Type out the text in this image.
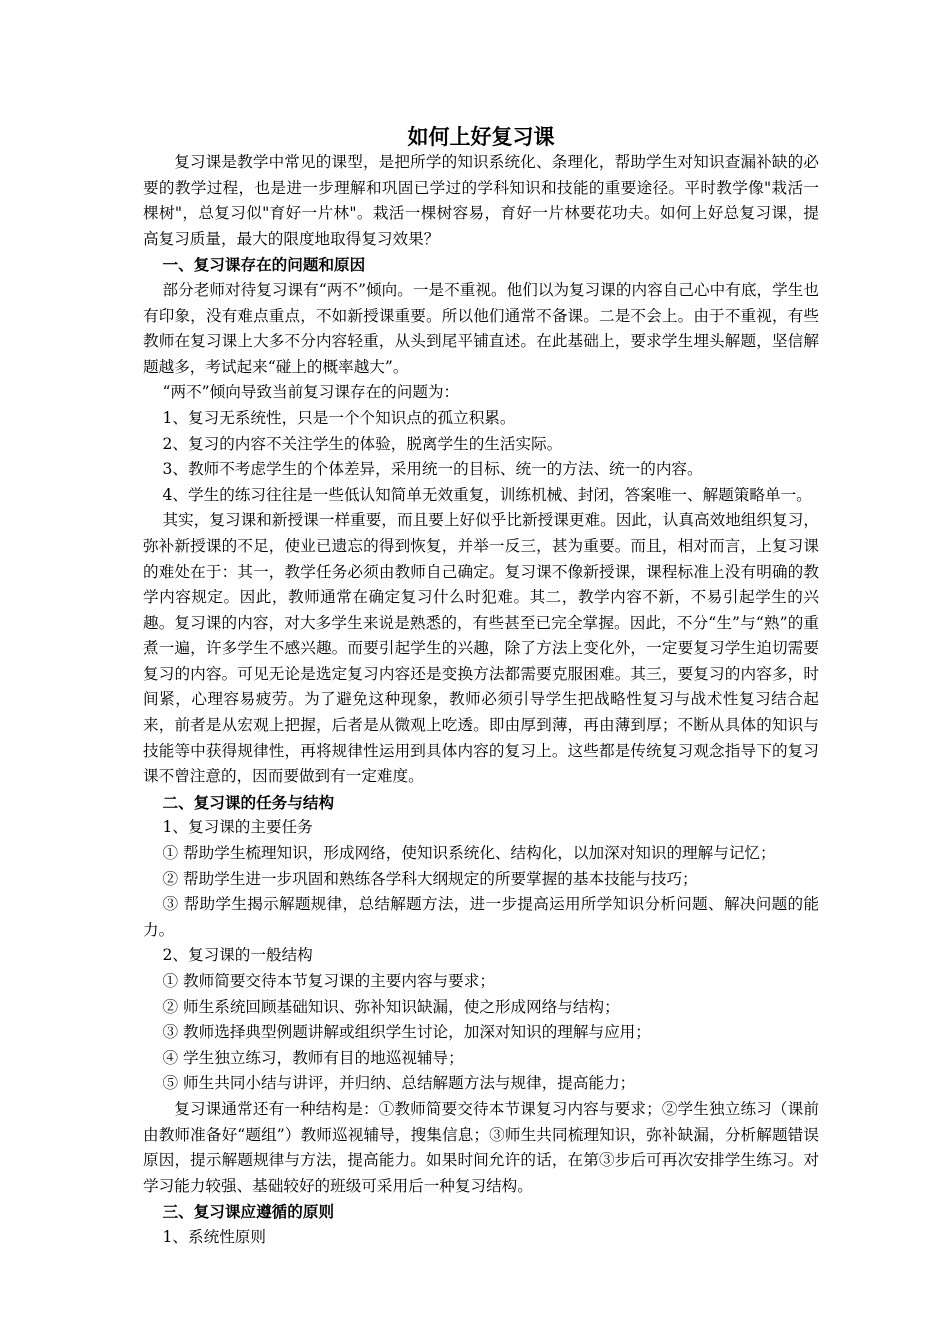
如何上好复习课

复习课是教学中常见的课型，是把所学的知识系统化、条理化，帮助学生对知识查漏补缺的必要的教学过程，也是进一步理解和巩固已学过的学科知识和技能的重要途径。平时教学像"栽活一棵树"，总复习似"育好一片林"。栽活一棵树容易，育好一片林要花功夫。如何上好总复习课，提高复习质量，最大的限度地取得复习效果？

一、复习课存在的问题和原因

部分老师对待复习课有“两不”倾向。一是不重视。他们以为复习课的内容自己心中有底，学生也有印象，没有难点重点，不如新授课重要。所以他们通常不备课。二是不会上。由于不重视，有些教师在复习课上大多不分内容轻重，从头到尾平铺直述。在此基础上，要求学生埋头解题，坚信解题越多，考试起来“碰上的概率越大”。

“两不”倾向导致当前复习课存在的问题为：

1、复习无系统性，只是一个个知识点的孤立积累。

2、复习的内容不关注学生的体验，脱离学生的生活实际。

3、教师不考虑学生的个体差异，采用统一的目标、统一的方法、统一的内容。

4、学生的练习往往是一些低认知简单无效重复，训练机械、封闭，答案唯一、解题策略单一。

其实，复习课和新授课一样重要，而且要上好似乎比新授课更难。因此，认真高效地组织复习，弥补新授课的不足，使业已遗忘的得到恢复，并举一反三，甚为重要。而且，相对而言，上复习课的难处在于：其一，教学任务必须由教师自己确定。复习课不像新授课，课程标准上没有明确的教学内容规定。因此，教师通常在确定复习什么时犯难。其二，教学内容不新，不易引起学生的兴趣。复习课的内容，对大多学生来说是熟悉的，有些甚至已完全掌握。因此，不分“生”与“熟”的重煮一遍，许多学生不感兴趣。而要引起学生的兴趣，除了方法上变化外，一定要复习学生迫切需要复习的内容。可见无论是选定复习内容还是变换方法都需要克服困难。其三，要复习的内容多，时间紧，心理容易疲劳。为了避免这种现象，教师必须引导学生把战略性复习与战术性复习结合起来，前者是从宏观上把握，后者是从微观上吃透。即由厚到薄，再由薄到厚；不断从具体的知识与技能等中获得规律性，再将规律性运用到具体内容的复习上。这些都是传统复习观念指导下的复习课不曾注意的，因而要做到有一定难度。

二、复习课的任务与结构

1、复习课的主要任务

① 帮助学生梳理知识，形成网络，使知识系统化、结构化，以加深对知识的理解与记忆；

② 帮助学生进一步巩固和熟练各学科大纲规定的所要掌握的基本技能与技巧；

③ 帮助学生揭示解题规律，总结解题方法，进一步提高运用所学知识分析问题、解决问题的能力。

2、复习课的一般结构

① 教师简要交待本节复习课的主要内容与要求；

② 师生系统回顾基础知识、弥补知识缺漏，使之形成网络与结构；

③ 教师选择典型例题讲解或组织学生讨论，加深对知识的理解与应用；

④ 学生独立练习，教师有目的地巡视辅导；

⑤ 师生共同小结与讲评，并归纳、总结解题方法与规律，提高能力；

复习课通常还有一种结构是：①教师简要交待本节课复习内容与要求；②学生独立练习（课前由教师准备好“题组”）教师巡视辅导，搜集信息；③师生共同梳理知识，弥补缺漏，分析解题错误原因，提示解题规律与方法，提高能力。如果时间允许的话，在第③步后可再次安排学生练习。对学习能力较强、基础较好的班级可采用后一种复习结构。

三、复习课应遵循的原则

1、系统性原则
